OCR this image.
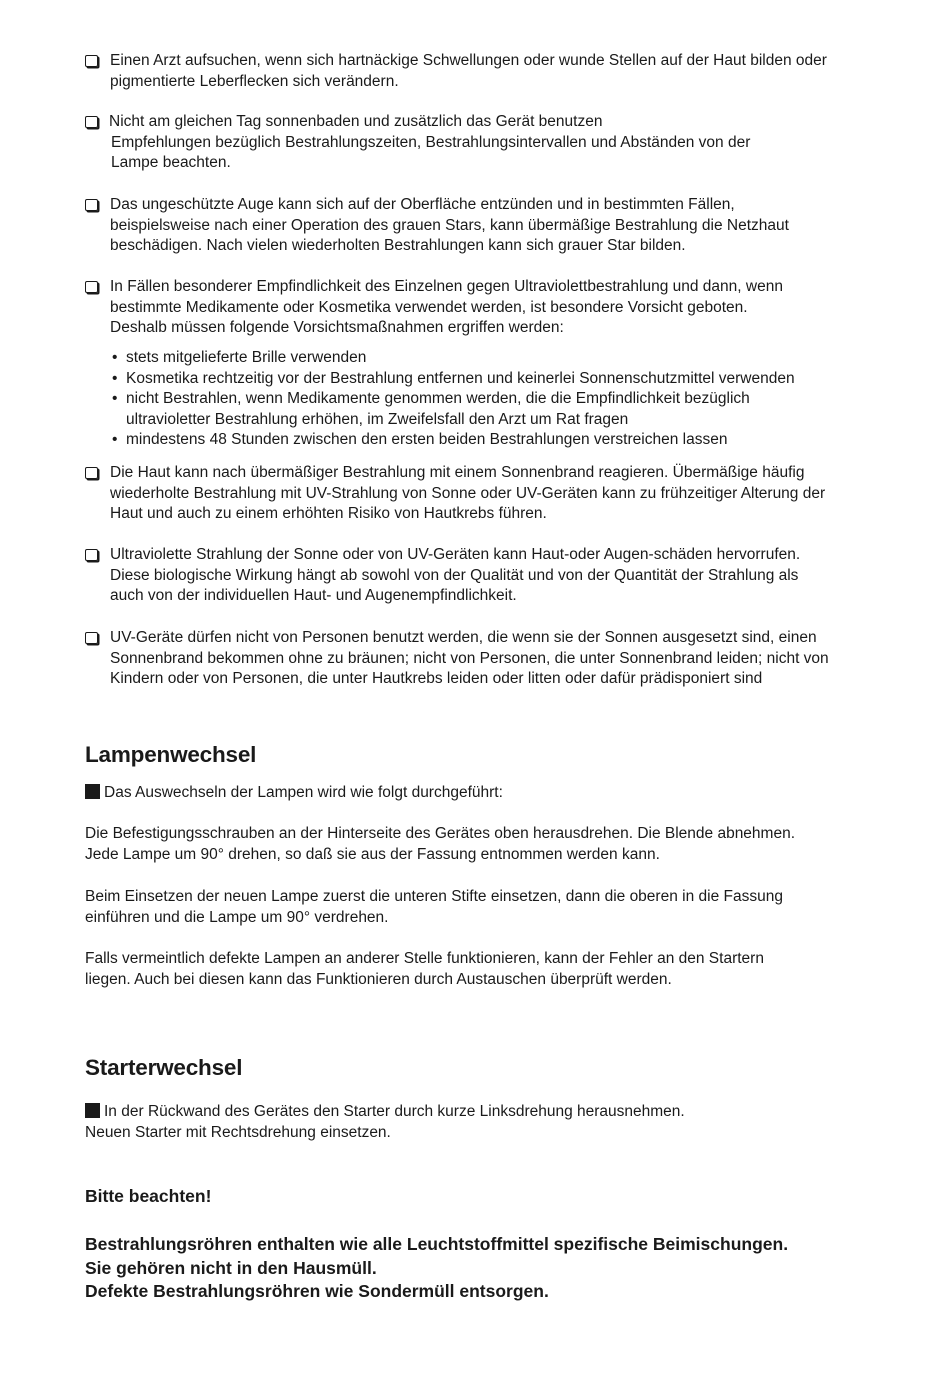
Einen Arzt aufsuchen, wenn sich hartnäckige Schwellungen oder wunde Stellen auf der Haut bilden oder
pigmentierte Leberflecken sich verändern.
Nicht am gleichen Tag sonnenbaden und zusätzlich das Gerät benutzen
Empfehlungen bezüglich Bestrahlungszeiten, Bestrahlungsintervallen und Abständen von der
Lampe beachten.
Das ungeschützte Auge kann sich auf der Oberfläche entzünden und in bestimmten Fällen,
beispielsweise nach einer Operation des grauen Stars, kann übermäßige Bestrahlung die Netzhaut
beschädigen. Nach vielen wiederholten Bestrahlungen kann sich grauer Star bilden.
In Fällen besonderer Empfindlichkeit des Einzelnen gegen Ultraviolettbestrahlung und dann, wenn
bestimmte Medikamente oder Kosmetika verwendet werden, ist besondere Vorsicht geboten.
Deshalb müssen folgende Vorsichtsmaßnahmen ergriffen werden:
• stets mitgelieferte Brille verwenden
• Kosmetika rechtzeitig vor der Bestrahlung entfernen und keinerlei Sonnenschutzmittel verwenden
• nicht Bestrahlen, wenn Medikamente genommen werden, die die Empfindlichkeit bezüglich ultravioletter Bestrahlung erhöhen, im Zweifelsfall den Arzt um Rat fragen
• mindestens 48 Stunden zwischen den ersten beiden Bestrahlungen verstreichen lassen
Die Haut kann nach übermäßiger Bestrahlung mit einem Sonnenbrand reagieren. Übermäßige häufig
wiederholte Bestrahlung mit UV-Strahlung von Sonne oder UV-Geräten kann zu frühzeitiger Alterung der
Haut und auch zu einem erhöhten Risiko von Hautkrebs führen.
Ultraviolette Strahlung der Sonne oder von UV-Geräten kann Haut-oder Augen-schäden hervorrufen.
Diese biologische Wirkung hängt ab sowohl von der Qualität und von der Quantität der Strahlung als
auch von der individuellen Haut- und Augenempfindlichkeit.
UV-Geräte dürfen nicht von Personen benutzt werden, die wenn sie der Sonnen ausgesetzt sind, einen
Sonnenbrand bekommen ohne zu bräunen; nicht von Personen, die unter Sonnenbrand leiden; nicht von
Kindern oder von Personen, die unter Hautkrebs leiden oder litten oder dafür prädisponiert sind
Lampenwechsel
Das Auswechseln der Lampen wird wie folgt durchgeführt:
Die Befestigungsschrauben an der Hinterseite des Gerätes oben herausdrehen. Die Blende abnehmen.
Jede Lampe um 90° drehen, so daß sie aus der Fassung entnommen werden kann.
Beim Einsetzen der neuen Lampe zuerst die unteren Stifte einsetzen, dann die oberen in die Fassung
einführen und die Lampe um 90° verdrehen.
Falls vermeintlich defekte Lampen an anderer Stelle funktionieren, kann der Fehler an den Startern
liegen. Auch bei diesen kann das Funktionieren durch Austauschen überprüft werden.
Starterwechsel
In der Rückwand des Gerätes den Starter durch kurze Linksdrehung herausnehmen.
Neuen Starter mit Rechtsdrehung einsetzen.
Bitte beachten!
Bestrahlungsröhren enthalten wie alle Leuchtstoffmittel spezifische Beimischungen.
Sie gehören nicht in den Hausmüll.
Defekte Bestrahlungsröhren wie Sondermüll entsorgen.
